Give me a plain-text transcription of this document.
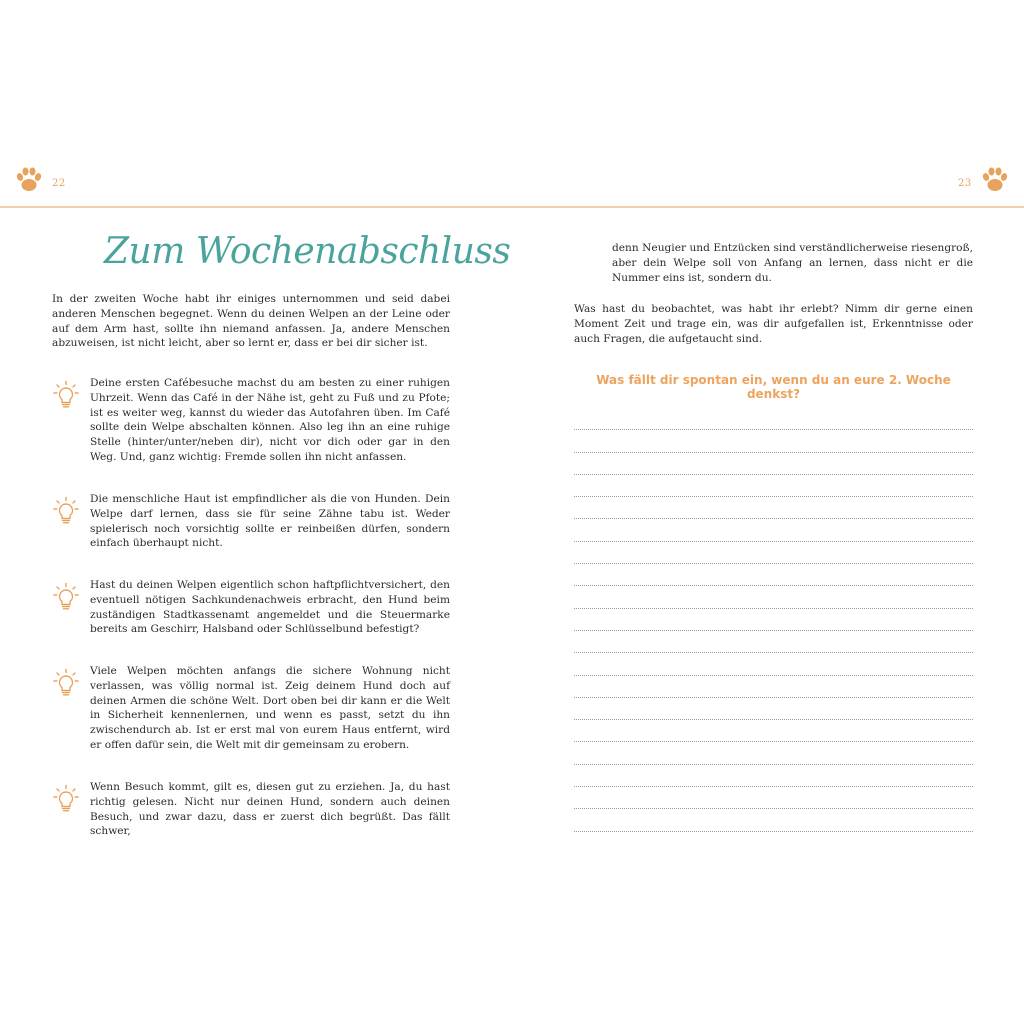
22	23
Zum Wochenabschluss

In der zweiten Woche habt ihr einiges unternommen und seid dabei anderen Menschen begegnet. Wenn du deinen Welpen an der Leine oder auf dem Arm hast, sollte ihn niemand anfassen. Ja, andere Menschen abzuweisen, ist nicht leicht, aber so lernt er, dass er bei dir sicher ist.

Deine ersten Cafébesuche machst du am besten zu einer ruhigen Uhrzeit. Wenn das Café in der Nähe ist, geht zu Fuß und zu Pfote; ist es weiter weg, kannst du wieder das Autofahren üben. Im Café sollte dein Welpe abschalten können. Also leg ihn an eine ruhige Stelle (hinter/unter/neben dir), nicht vor dich oder gar in den Weg. Und, ganz wichtig: Fremde sollen ihn nicht anfassen.

Die menschliche Haut ist empfindlicher als die von Hunden. Dein Welpe darf lernen, dass sie für seine Zähne tabu ist. Weder spielerisch noch vorsichtig sollte er reinbeißen dürfen, sondern einfach überhaupt nicht.

Hast du deinen Welpen eigentlich schon haftpflichtversichert, den eventuell nötigen Sachkundenachweis erbracht, den Hund beim zuständigen Stadtkassenamt angemeldet und die Steuermarke bereits am Geschirr, Halsband oder Schlüsselbund befestigt?

Viele Welpen möchten anfangs die sichere Wohnung nicht verlassen, was völlig normal ist. Zeig deinem Hund doch auf deinen Armen die schöne Welt. Dort oben bei dir kann er die Welt in Sicherheit kennenlernen, und wenn es passt, setzt du ihn zwischendurch ab. Ist er erst mal von eurem Haus entfernt, wird er offen dafür sein, die Welt mit dir gemeinsam zu erobern.

Wenn Besuch kommt, gilt es, diesen gut zu erziehen. Ja, du hast richtig gelesen. Nicht nur deinen Hund, sondern auch deinen Besuch, und zwar dazu, dass er zuerst dich begrüßt. Das fällt schwer,

denn Neugier und Entzücken sind verständlicherweise riesengroß, aber dein Welpe soll von Anfang an lernen, dass nicht er die Nummer eins ist, sondern du.

Was hast du beobachtet, was habt ihr erlebt? Nimm dir gerne einen Moment Zeit und trage ein, was dir aufgefallen ist, Erkenntnisse oder auch Fragen, die aufgetaucht sind.

Was fällt dir spontan ein, wenn du an eure 2. Woche denkst?
